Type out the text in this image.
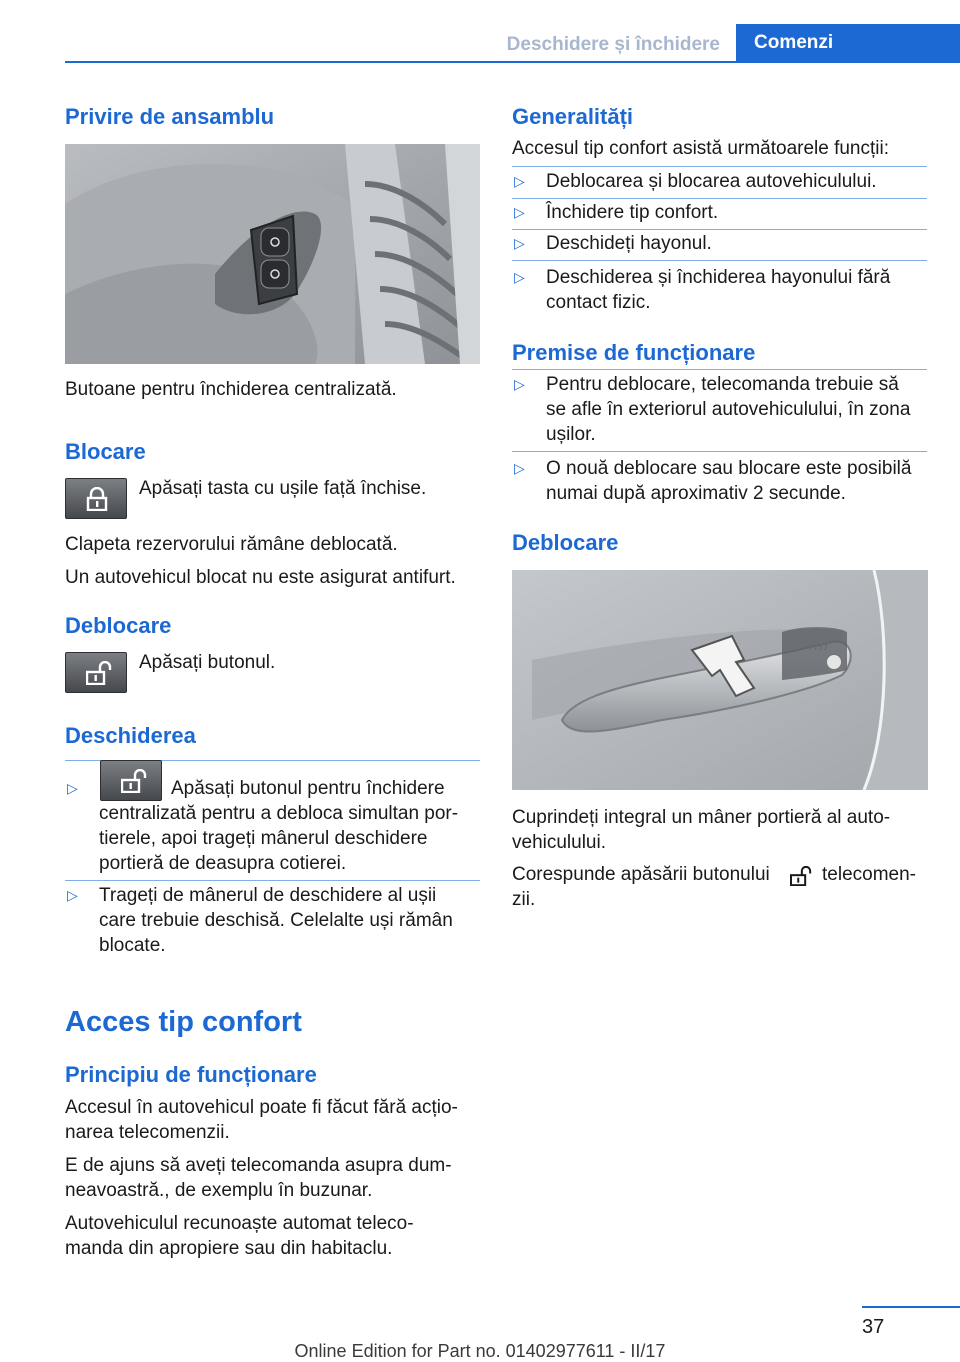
Deschidere și închidere	Comenzi
Privire de ansamblu
Butoane pentru închiderea centralizată.
Blocare
Apăsați tasta cu ușile față închise.
Clapeta rezervorului rămâne deblocată.
Un autovehicul blocat nu este asigurat antifurt.
Deblocare
Apăsați butonul.
Deschiderea
▷	Apăsați butonul pentru închidere
centralizată pentru a debloca simultan por‐
tierele, apoi trageți mânerul deschidere
portieră de deasupra cotierei.
▷ Trageți de mânerul de deschidere al ușii
care trebuie deschisă. Celelalte uși rămân
blocate.
Acces tip confort
Principiu de funcționare
Accesul în autovehicul poate fi făcut fără acțio‐
narea telecomenzii.
E de ajuns să aveți telecomanda asupra dum‐
neavoastră., de exemplu în buzunar.
Autovehiculul recunoaște automat teleco‐
manda din apropiere sau din habitaclu.
Generalități
Accesul tip confort asistă următoarele funcții:
▷ Deblocarea și blocarea autovehiculului.
▷ Închidere tip confort.
▷ Deschideți hayonul.
▷ Deschiderea și închiderea hayonului fără
contact fizic.
Premise de funcționare
▷ Pentru deblocare, telecomanda trebuie să
se afle în exteriorul autovehiculului, în zona
ușilor.
▷ O nouă deblocare sau blocare este posibilă
numai după aproximativ 2 secunde.
Deblocare
Cuprindeți integral un mâner portieră al auto‐
vehiculului.
Corespunde apăsării butonului	telecomen‐
zii.
37
Online Edition for Part no. 01402977611 - II/17
